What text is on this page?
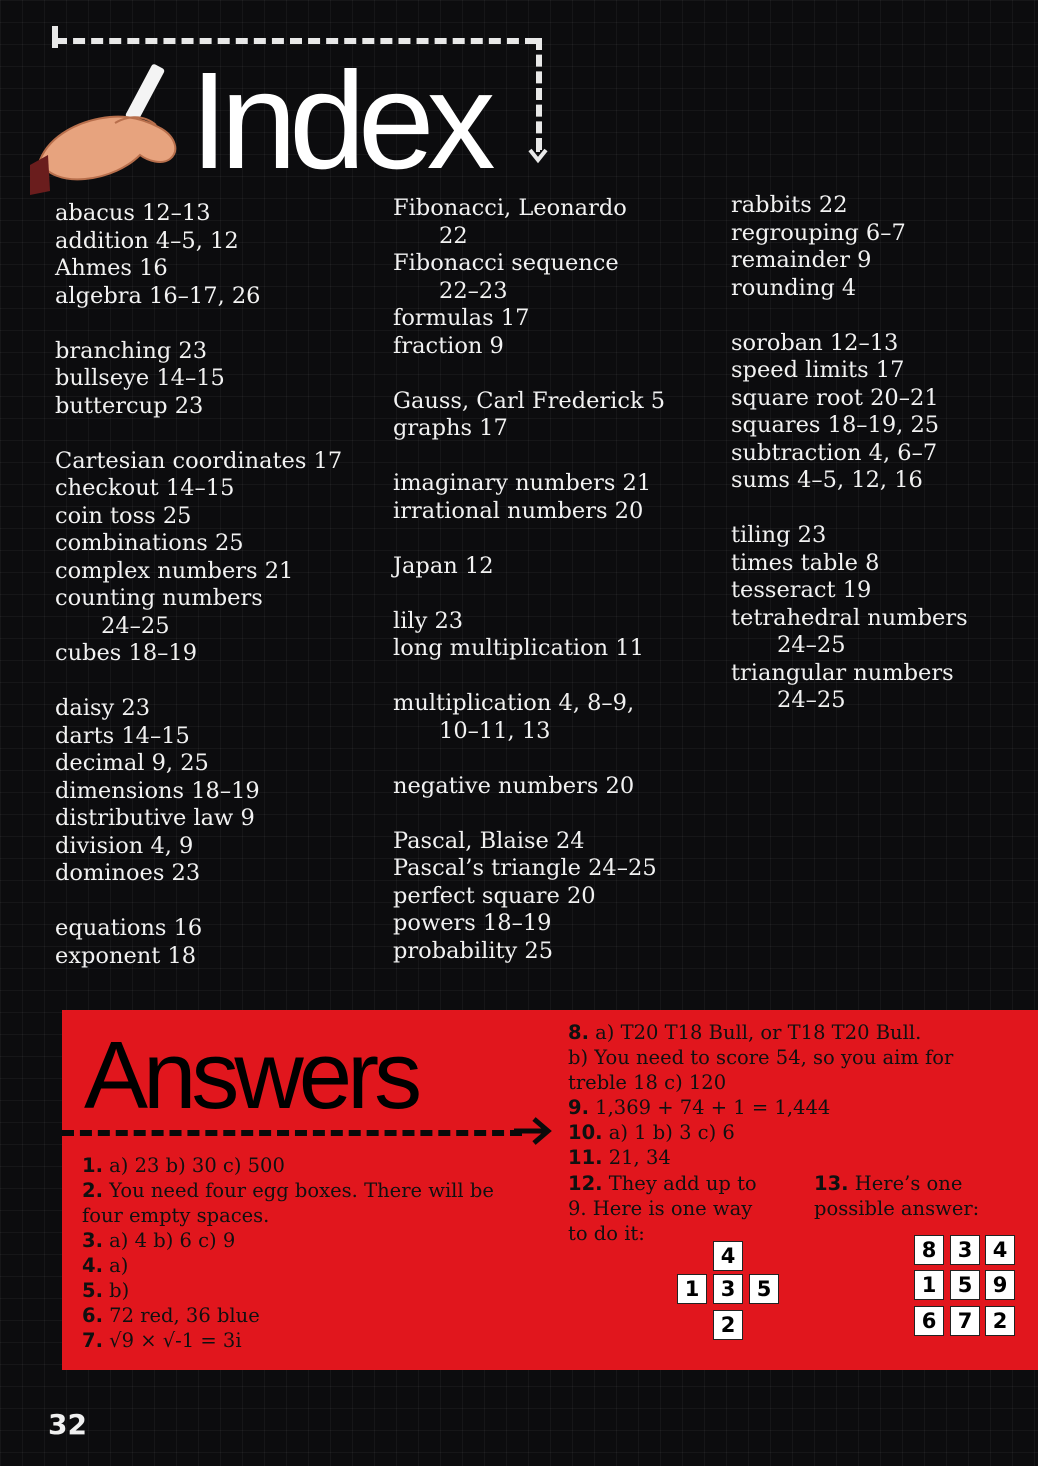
Index
abacus 12–13
addition 4–5, 12
Ahmes 16
algebra 16–17, 26
branching 23
bullseye 14–15
buttercup 23
Cartesian coordinates 17
checkout 14–15
coin toss 25
combinations 25
complex numbers 21
counting numbers
24–25
cubes 18–19
daisy 23
darts 14–15
decimal 9, 25
dimensions 18–19
distributive law 9
division 4, 9
dominoes 23
equations 16
exponent 18
Fibonacci, Leonardo
22
Fibonacci sequence
22–23
formulas 17
fraction 9
Gauss, Carl Frederick 5
graphs 17
imaginary numbers 21
irrational numbers 20
Japan 12
lily 23
long multiplication 11
multiplication 4, 8–9,
10–11, 13
negative numbers 20
Pascal, Blaise 24
Pascal’s triangle 24–25
perfect square 20
powers 18–19
probability 25
rabbits 22
regrouping 6–7
remainder 9
rounding 4
soroban 12–13
speed limits 17
square root 20–21
squares 18–19, 25
subtraction 4, 6–7
sums 4–5, 12, 16
tiling 23
times table 8
tesseract 19
tetrahedral numbers
24–25
triangular numbers
24–25
Answers
1. a) 23 b) 30 c) 500
2. You need four egg boxes. There will be
four empty spaces.
3. a) 4 b) 6 c) 9
4. a)
5. b)
6. 72 red, 36 blue
7. √9 × √-1 = 3i
8. a) T20 T18 Bull, or T18 T20 Bull.
b) You need to score 54, so you aim for
treble 18 c) 120
9. 1,369 + 74 + 1 = 1,444
10. a) 1 b) 3 c) 6
11. 21, 34
12. They add up to
9. Here is one way
to do it:
13. Here’s one
possible answer:
4
1	3	5
2
8	3 4
1	5 9
6	7 2
32
